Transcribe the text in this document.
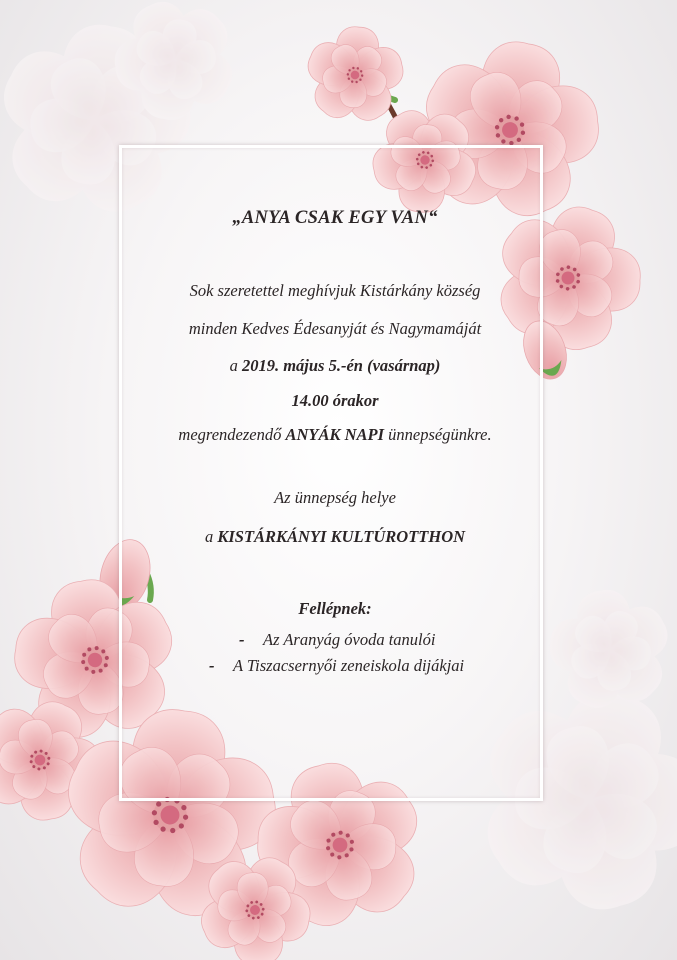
„ANYA CSAK EGY VAN“
Sok szeretettel meghívjuk Kistárkány község
minden Kedves Édesanyját és Nagymamáját
a 2019. május 5.-én (vasárnap)
14.00 órakor
megrendezendő ANYÁK NAPI ünnepségünkre.
Az ünnepség helye
a KISTÁRKÁNYI KULTÚROTTHON
Fellépnek:
- Az Aranyág óvoda tanulói
- A Tiszacsernyői zeneiskola dijákjai
